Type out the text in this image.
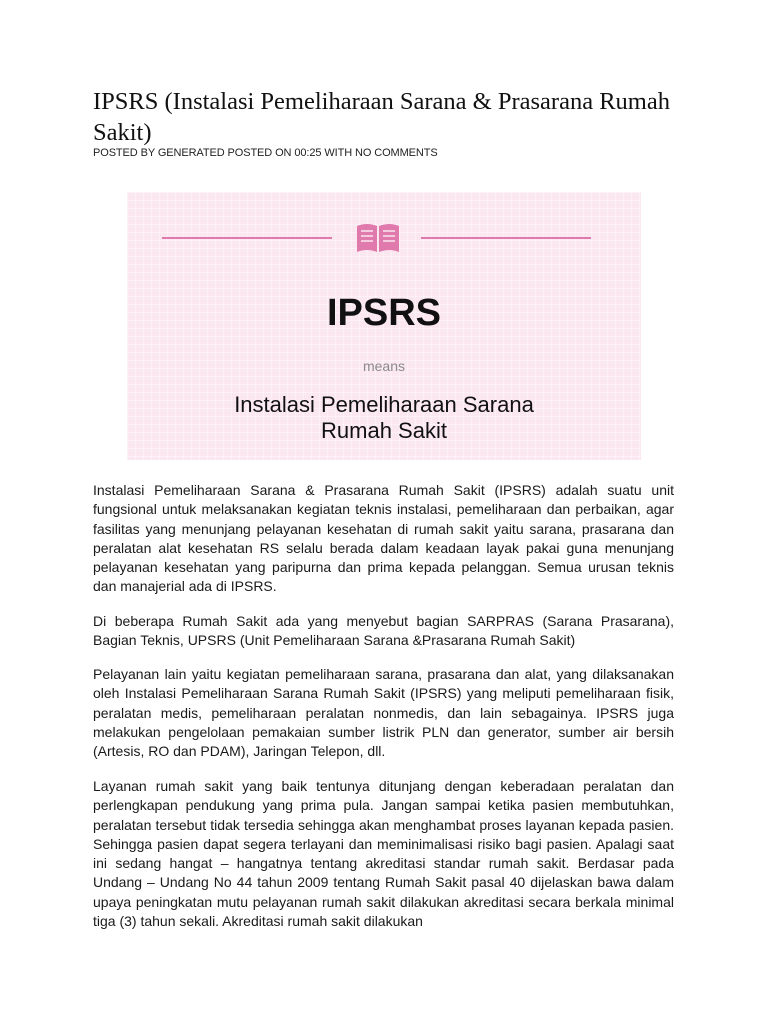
IPSRS (Instalasi Pemeliharaan Sarana & Prasarana Rumah Sakit)
POSTED BY GENERATED POSTED ON 00:25 WITH NO COMMENTS
IPSRS
means
Instalasi Pemeliharaan Sarana
Rumah Sakit

Instalasi Pemeliharaan Sarana & Prasarana Rumah Sakit (IPSRS) adalah suatu unit fungsional untuk melaksanakan kegiatan teknis instalasi, pemeliharaan dan perbaikan, agar fasilitas yang menunjang pelayanan kesehatan di rumah sakit yaitu sarana, prasarana dan peralatan alat kesehatan RS selalu berada dalam keadaan layak pakai guna menunjang pelayanan kesehatan yang paripurna dan prima kepada pelanggan. Semua urusan teknis dan manajerial ada di IPSRS.

Di beberapa Rumah Sakit ada yang menyebut bagian SARPRAS (Sarana Prasarana), Bagian Teknis, UPSRS (Unit Pemeliharaan Sarana &Prasarana Rumah Sakit)

Pelayanan lain yaitu kegiatan pemeliharaan sarana, prasarana dan alat, yang dilaksanakan oleh Instalasi Pemeliharaan Sarana Rumah Sakit (IPSRS) yang meliputi pemeliharaan fisik, peralatan medis, pemeliharaan peralatan nonmedis, dan lain sebagainya. IPSRS juga melakukan pengelolaan pemakaian sumber listrik PLN dan generator, sumber air bersih (Artesis, RO dan PDAM), Jaringan Telepon, dll.

Layanan rumah sakit yang baik tentunya ditunjang dengan keberadaan peralatan dan perlengkapan pendukung yang prima pula. Jangan sampai ketika pasien membutuhkan, peralatan tersebut tidak tersedia sehingga akan menghambat proses layanan kepada pasien. Sehingga pasien dapat segera terlayani dan meminimalisasi risiko bagi pasien. Apalagi saat ini sedang hangat – hangatnya tentang akreditasi standar rumah sakit. Berdasar pada Undang – Undang No 44 tahun 2009 tentang Rumah Sakit pasal 40 dijelaskan bawa dalam upaya peningkatan mutu pelayanan rumah sakit dilakukan akreditasi secara berkala minimal tiga (3) tahun sekali. Akreditasi rumah sakit dilakukan
